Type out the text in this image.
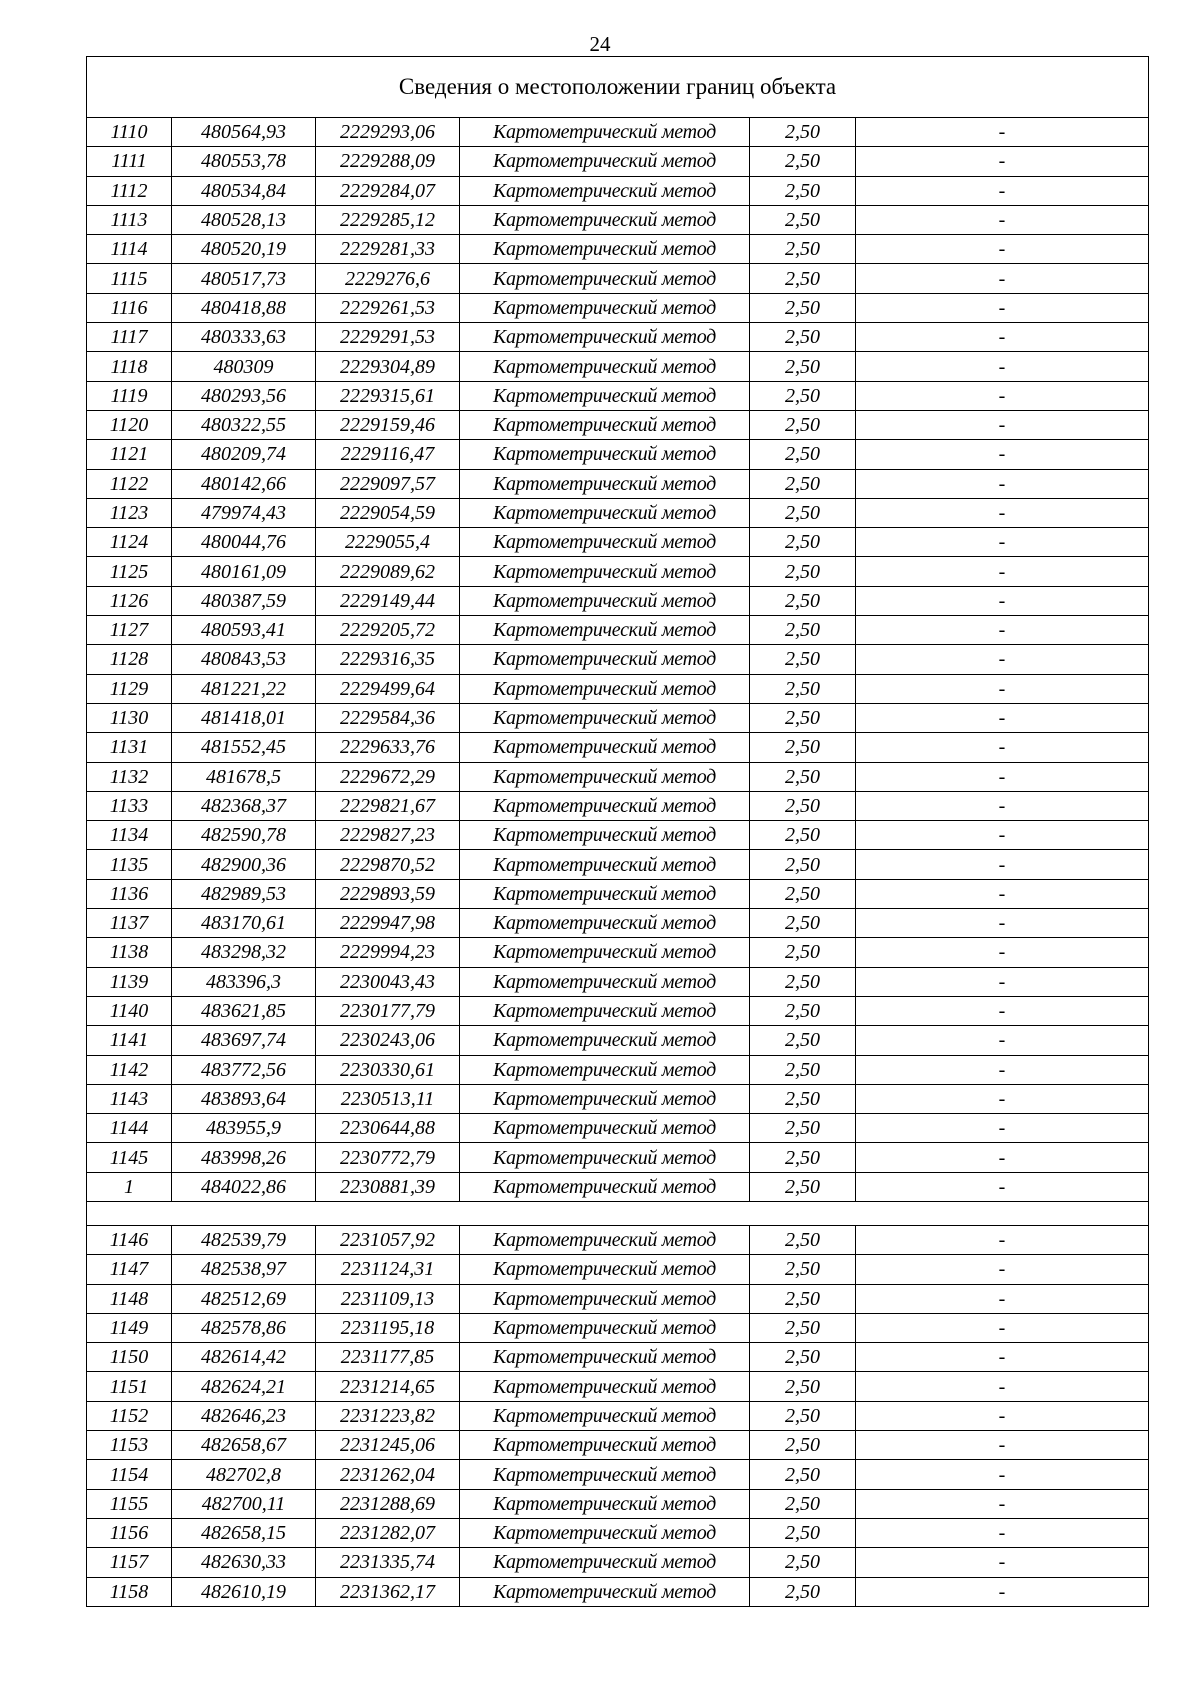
24
Сведения о местоположении границ объекта					
1110	480564,93	2229293,06	Картометрический метод	2,50	-
1111	480553,78	2229288,09	Картометрический метод	2,50	-
1112	480534,84	2229284,07	Картометрический метод	2,50	-
1113	480528,13	2229285,12	Картометрический метод	2,50	-
1114	480520,19	2229281,33	Картометрический метод	2,50	-
1115	480517,73	2229276,6	Картометрический метод	2,50	-
1116	480418,88	2229261,53	Картометрический метод	2,50	-
1117	480333,63	2229291,53	Картометрический метод	2,50	-
1118	480309	2229304,89	Картометрический метод	2,50	-
1119	480293,56	2229315,61	Картометрический метод	2,50	-
1120	480322,55	2229159,46	Картометрический метод	2,50	-
1121	480209,74	2229116,47	Картометрический метод	2,50	-
1122	480142,66	2229097,57	Картометрический метод	2,50	-
1123	479974,43	2229054,59	Картометрический метод	2,50	-
1124	480044,76	2229055,4	Картометрический метод	2,50	-
1125	480161,09	2229089,62	Картометрический метод	2,50	-
1126	480387,59	2229149,44	Картометрический метод	2,50	-
1127	480593,41	2229205,72	Картометрический метод	2,50	-
1128	480843,53	2229316,35	Картометрический метод	2,50	-
1129	481221,22	2229499,64	Картометрический метод	2,50	-
1130	481418,01	2229584,36	Картометрический метод	2,50	-
1131	481552,45	2229633,76	Картометрический метод	2,50	-
1132	481678,5	2229672,29	Картометрический метод	2,50	-
1133	482368,37	2229821,67	Картометрический метод	2,50	-
1134	482590,78	2229827,23	Картометрический метод	2,50	-
1135	482900,36	2229870,52	Картометрический метод	2,50	-
1136	482989,53	2229893,59	Картометрический метод	2,50	-
1137	483170,61	2229947,98	Картометрический метод	2,50	-
1138	483298,32	2229994,23	Картометрический метод	2,50	-
1139	483396,3	2230043,43	Картометрический метод	2,50	-
1140	483621,85	2230177,79	Картометрический метод	2,50	-
1141	483697,74	2230243,06	Картометрический метод	2,50	-
1142	483772,56	2230330,61	Картометрический метод	2,50	-
1143	483893,64	2230513,11	Картометрический метод	2,50	-
1144	483955,9	2230644,88	Картометрический метод	2,50	-
1145	483998,26	2230772,79	Картометрический метод	2,50	-
1	484022,86	2230881,39	Картометрический метод	2,50	-

1146	482539,79	2231057,92	Картометрический метод	2,50	-
1147	482538,97	2231124,31	Картометрический метод	2,50	-
1148	482512,69	2231109,13	Картометрический метод	2,50	-
1149	482578,86	2231195,18	Картометрический метод	2,50	-
1150	482614,42	2231177,85	Картометрический метод	2,50	-
1151	482624,21	2231214,65	Картометрический метод	2,50	-
1152	482646,23	2231223,82	Картометрический метод	2,50	-
1153	482658,67	2231245,06	Картометрический метод	2,50	-
1154	482702,8	2231262,04	Картометрический метод	2,50	-
1155	482700,11	2231288,69	Картометрический метод	2,50	-
1156	482658,15	2231282,07	Картометрический метод	2,50	-
1157	482630,33	2231335,74	Картометрический метод	2,50	-
1158	482610,19	2231362,17	Картометрический метод	2,50	-
